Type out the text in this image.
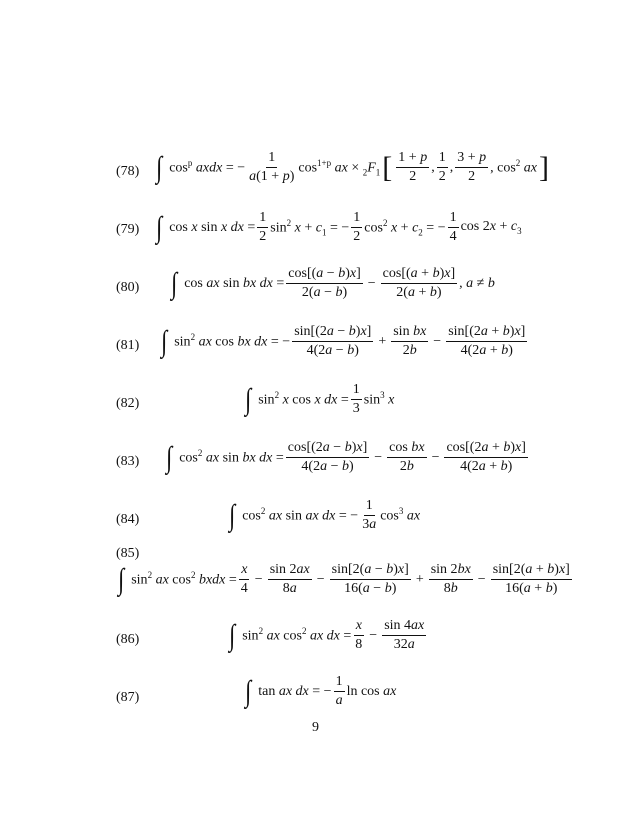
(78) ∫ $\cos^p$ axdx = − $\frac{1}{a(1 + p)} \cos^{1+p}$ ax × $_2F_1$ [ $\frac{1 + p}{2}$ , $\frac{1}{2}$ , $\frac{3 + p}{2}$ , $\cos^2$ ax ]
(79) ∫ cos x sin x dx = $\frac{1}{2} \sin^2 x + c_1$ = − $\frac{1}{2} \cos^2 x + c_2$ = − $\frac{1}{4}$ $\cos 2x + c_3$
(80) ∫ cos ax sin bx dx = $\frac{\cos[(a - b)x]}{2(a - b)} - \frac{\cos[(a + b)x]}{2(a + b)}$ , a ≠ b
(81) ∫ $\sin^2$ ax cos bx dx = − $\frac{\sin[(2a - b)x]}{4(2a - b)} + \frac{\text{sin bx}}{2b} - \frac{\sin[(2a + b)x]}{4(2a + b)}$
(82)	∫ $\sin^2 x$ cos x dx = $\frac{1}{3} \sin^3 x$
(83) ∫ $\cos^2$ ax sin bx dx = $\frac{\cos[(2a - b)x]}{4(2a - b)} - \frac{\text{cos bx}}{2b} - \frac{\cos[(2a + b)x]}{4(2a + b)}$
(84)	∫ $\cos^2$ ax sin ax dx = − $\frac{1}{3a} \cos^3$ ax
(85)
∫ $\sin^2$ ax $\cos^2$ bxdx = $\frac{x}{4} - \frac{\sin 2ax}{8a} - \frac{\sin[2(a - b)x]}{16(a - b)} + \frac{\sin 2bx}{8b} - \frac{\sin[2(a + b)x]}{16(a + b)}$
(86)	∫ $\sin^2$ ax $\cos^2$ ax dx = $\frac{x}{8} - \frac{\sin 4ax}{32a}$
(87)	∫ tan ax dx = − $\frac{1}{a}$ ln cos ax
9
